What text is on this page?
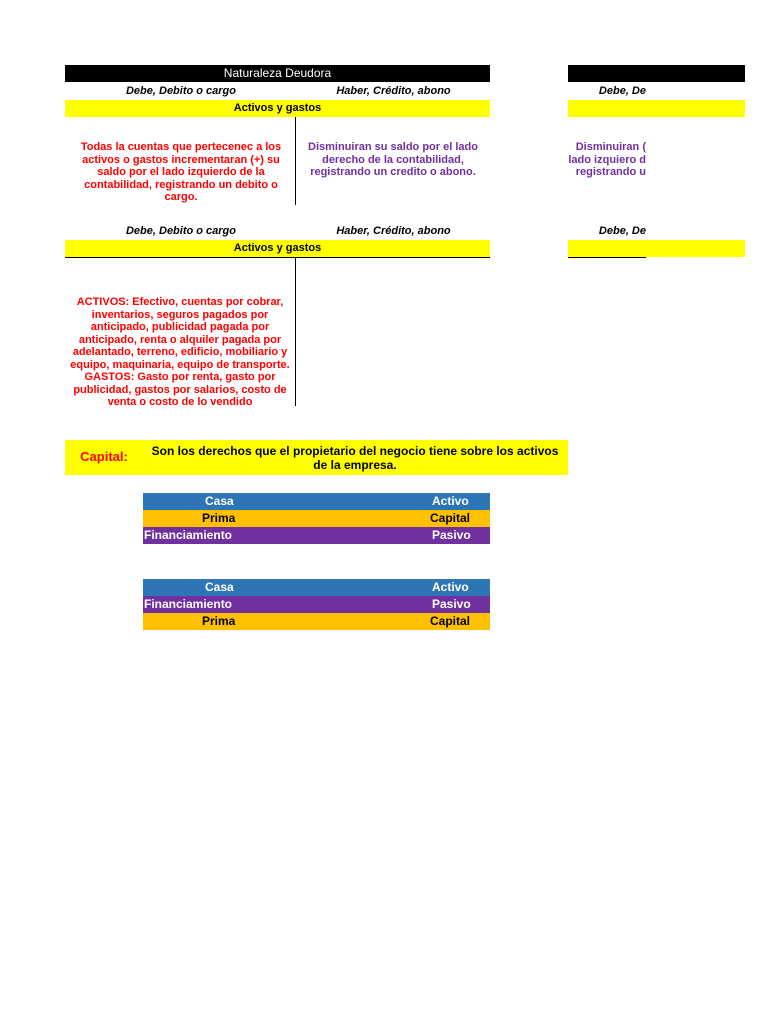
Naturaleza Deudora
Debe, Debito o cargo	Haber, Crédito, abono
Activos y gastos
Todas la cuentas que pertecenec a los activos o gastos incrementaran (+) su saldo por el lado izquierdo de la contabilidad, registrando un debito o cargo.
Disminuiran su saldo por el lado derecho de la contabilidad, registrando un credito o abono.
Debe, De
Disminuiran (
lado izquiero d
registrando u
Debe, Debito o cargo	Haber, Crédito, abono
Activos y gastos
ACTIVOS: Efectivo, cuentas por cobrar, inventarios, seguros pagados por anticipado, publicidad pagada por anticipado, renta o alquiler pagada por adelantado, terreno, edificio, mobiliario y equipo, maquinaria, equipo de transporte. GASTOS: Gasto por renta, gasto por publicidad, gastos por salarios, costo de venta o costo de lo vendido
Debe, De
Capital:	Son los derechos que el propietario del negocio tiene sobre los activos de la empresa.
Casa	Activo
Prima	Capital
Financiamiento	Pasivo
Casa	Activo
Financiamiento	Pasivo
Prima	Capital
